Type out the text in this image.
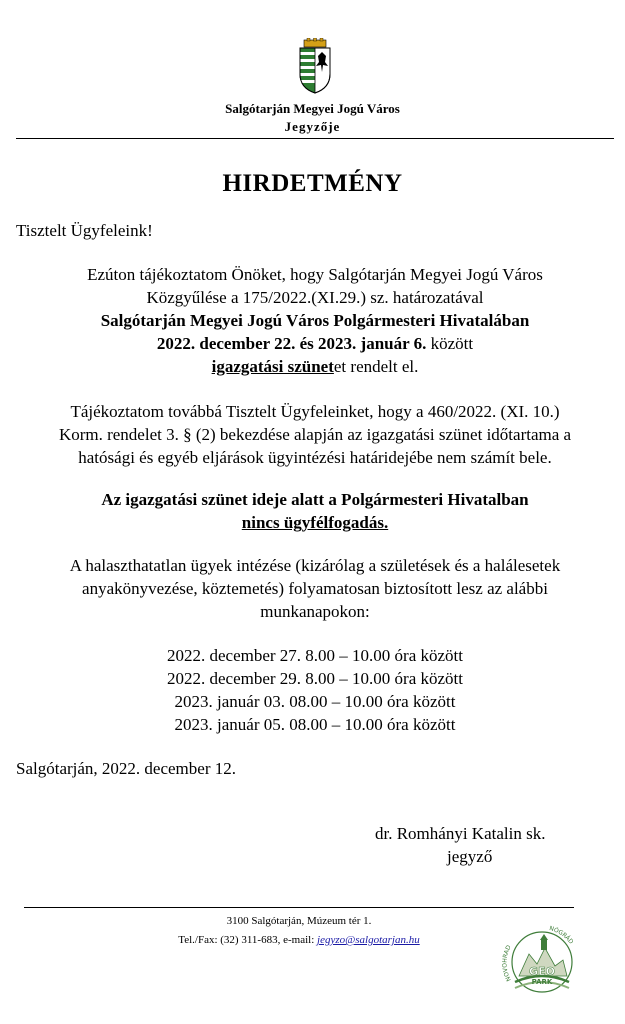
Salgótarján Megyei Jogú Város
Jegyzője
HIRDETMÉNY
Tisztelt Ügyfeleink!
Ezúton tájékoztatom Önöket, hogy Salgótarján Megyei Jogú Város
Közgyűlése a 175/2022.(XI.29.) sz. határozatával
Salgótarján Megyei Jogú Város Polgármesteri Hivatalában
2022. december 22. és 2023. január 6. között
igazgatási szünetet rendelt el.
Tájékoztatom továbbá Tisztelt Ügyfeleinket, hogy a 460/2022. (XI. 10.)
Korm. rendelet 3. § (2) bekezdése alapján az igazgatási szünet időtartama a
hatósági és egyéb eljárások ügyintézési határidejébe nem számít bele.
Az igazgatási szünet ideje alatt a Polgármesteri Hivatalban
nincs ügyfélfogadás.
A halaszthatatlan ügyek intézése (kizárólag a születések és a halálesetek
anyakönyvezése, köztemetés) folyamatosan biztosított lesz az alábbi
munkanapokon:
2022. december 27. 8.00 – 10.00 óra között
2022. december 29. 8.00 – 10.00 óra között
2023. január 03. 08.00 – 10.00 óra között
2023. január 05. 08.00 – 10.00 óra között
Salgótarján, 2022. december 12.
dr. Romhányi Katalin sk.
jegyző
3100 Salgótarján, Múzeum tér 1.
Tel./Fax: (32) 311-683, e-mail: jegyzo@salgotarjan.hu
NOVOHRAD
NÓGRÁD
GEO
PARK
